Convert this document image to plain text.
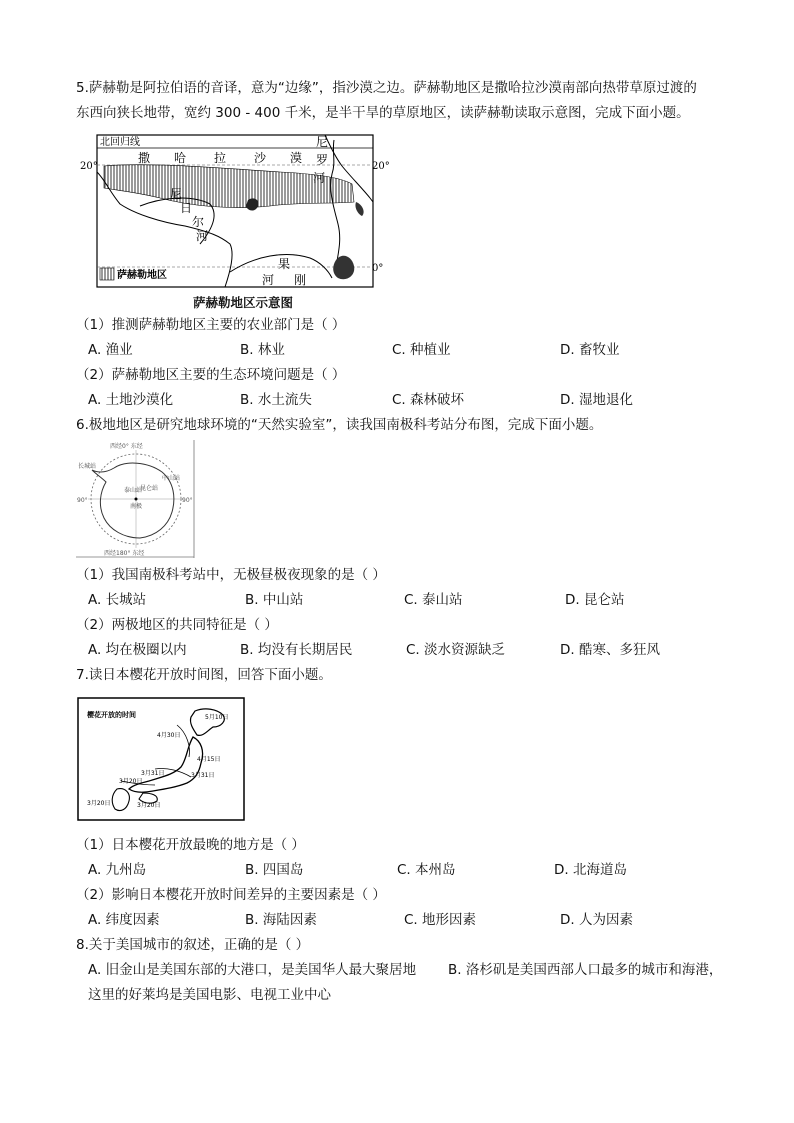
5.萨赫勒是阿拉伯语的音译，意为“边缘”，指沙漠之边。萨赫勒地区是撒哈拉沙漠南部向热带草原过渡的
东西向狭长地带，宽约 300 - 400 千米，是半干旱的草原地区，读萨赫勒读取示意图，完成下面小题。
北回归线
20°	20°
0°
撒 哈 拉 沙 漠
尼
罗
河
尼
日
尔
河
果
河 刚
萨赫勒地区
萨赫勒地区示意图
（1）推测萨赫勒地区主要的农业部门是（ ）
A. 渔业	B. 林业	C. 种植业	D. 畜牧业
（2）萨赫勒地区主要的生态环境问题是（ ）
A. 土地沙漠化	B. 水土流失	C. 森林破坏	D. 湿地退化
6.极地地区是研究地球环境的“天然实验室”，读我国南极科考站分布图，完成下面小题。
西经0° 东经
西经180° 东经
90°	90°
长城站
中山站
昆仑站
泰山站
南极
（1）我国南极科考站中，无极昼极夜现象的是（ ）
A. 长城站	B. 中山站	C. 泰山站	D. 昆仑站
（2）两极地区的共同特征是（ ）
A. 均在极圈以内	B. 均没有长期居民	C. 淡水资源缺乏	D. 酷寒、多狂风
7.读日本樱花开放时间图，回答下面小题。
樱花开放的时间	5月10日
4月30日
4月15日
3月31日	3月31日
3月20日
3月20日	3月20日
（1）日本樱花开放最晚的地方是（ ）
A. 九州岛	B. 四国岛	C. 本州岛	D. 北海道岛
（2）影响日本樱花开放时间差异的主要因素是（ ）
A. 纬度因素	B. 海陆因素	C. 地形因素	D. 人为因素
8.关于美国城市的叙述，正确的是（ ）
A. 旧金山是美国东部的大港口，是美国华人最大聚居地 B. 洛杉矶是美国西部人口最多的城市和海港，
这里的好莱坞是美国电影、电视工业中心
